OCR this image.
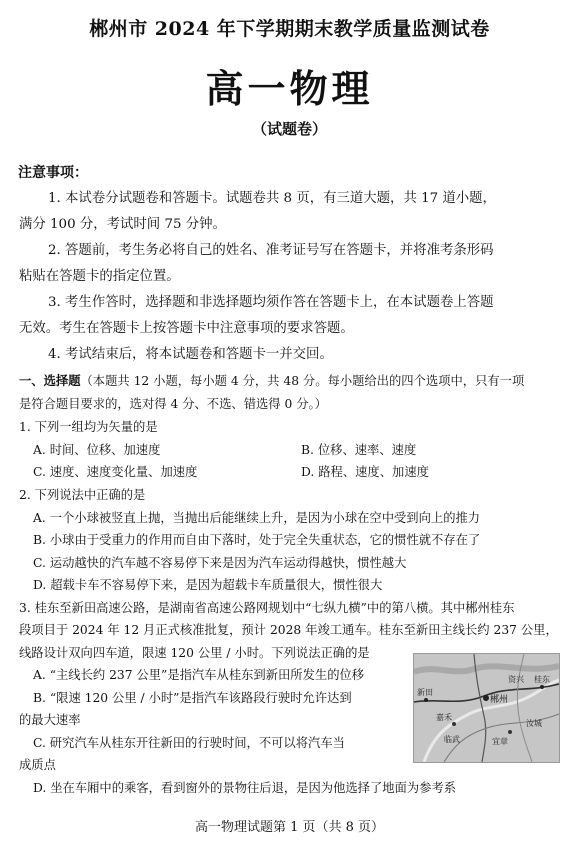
郴州市 2024 年下学期期末教学质量监测试卷
高一物理
（试题卷）
注意事项：
1. 本试卷分试题卷和答题卡。试题卷共 8 页，有三道大题，共 17 道小题，
满分 100 分，考试时间 75 分钟。
2. 答题前，考生务必将自己的姓名、准考证号写在答题卡，并将准考条形码
粘贴在答题卡的指定位置。
3. 考生作答时，选择题和非选择题均须作答在答题卡上，在本试题卷上答题
无效。考生在答题卡上按答题卡中注意事项的要求答题。
4. 考试结束后，将本试题卷和答题卡一并交回。
一、选择题（本题共 12 小题，每小题 4 分，共 48 分。每小题给出的四个选项中，只有一项
是符合题目要求的，选对得 4 分、不选、错选得 0 分。）
1. 下列一组均为矢量的是
A. 时间、位移、加速度	B. 位移、速率、速度
C. 速度、速度变化量、加速度	D. 路程、速度、加速度
2. 下列说法中正确的是
A. 一个小球被竖直上抛，当抛出后能继续上升，是因为小球在空中受到向上的推力
B. 小球由于受重力的作用而自由下落时，处于完全失重状态，它的惯性就不存在了
C. 运动越快的汽车越不容易停下来是因为汽车运动得越快，惯性越大
D. 超载卡车不容易停下来，是因为超载卡车质量很大，惯性很大
3. 桂东至新田高速公路，是湖南省高速公路网规划中“七纵九横”中的第八横。其中郴州桂东
段项目于 2024 年 12 月正式核准批复，预计 2028 年竣工通车。桂东至新田主线长约 237 公里，
线路设计双向四车道，限速 120 公里 / 小时。下列说法正确的是
A. “主线长约 237 公里”是指汽车从桂东到新田所发生的位移
B. “限速 120 公里 / 小时”是指汽车该路段行驶时允许达到
的最大速率
C. 研究汽车从桂东开往新田的行驶时间，不可以将汽车当
成质点
D. 坐在车厢中的乘客，看到窗外的景物往后退，是因为他选择了地面为参考系
郴州
桂东
新田
嘉禾
临武	宜章
汝城
资兴
高一物理试题第 1 页（共 8 页）
